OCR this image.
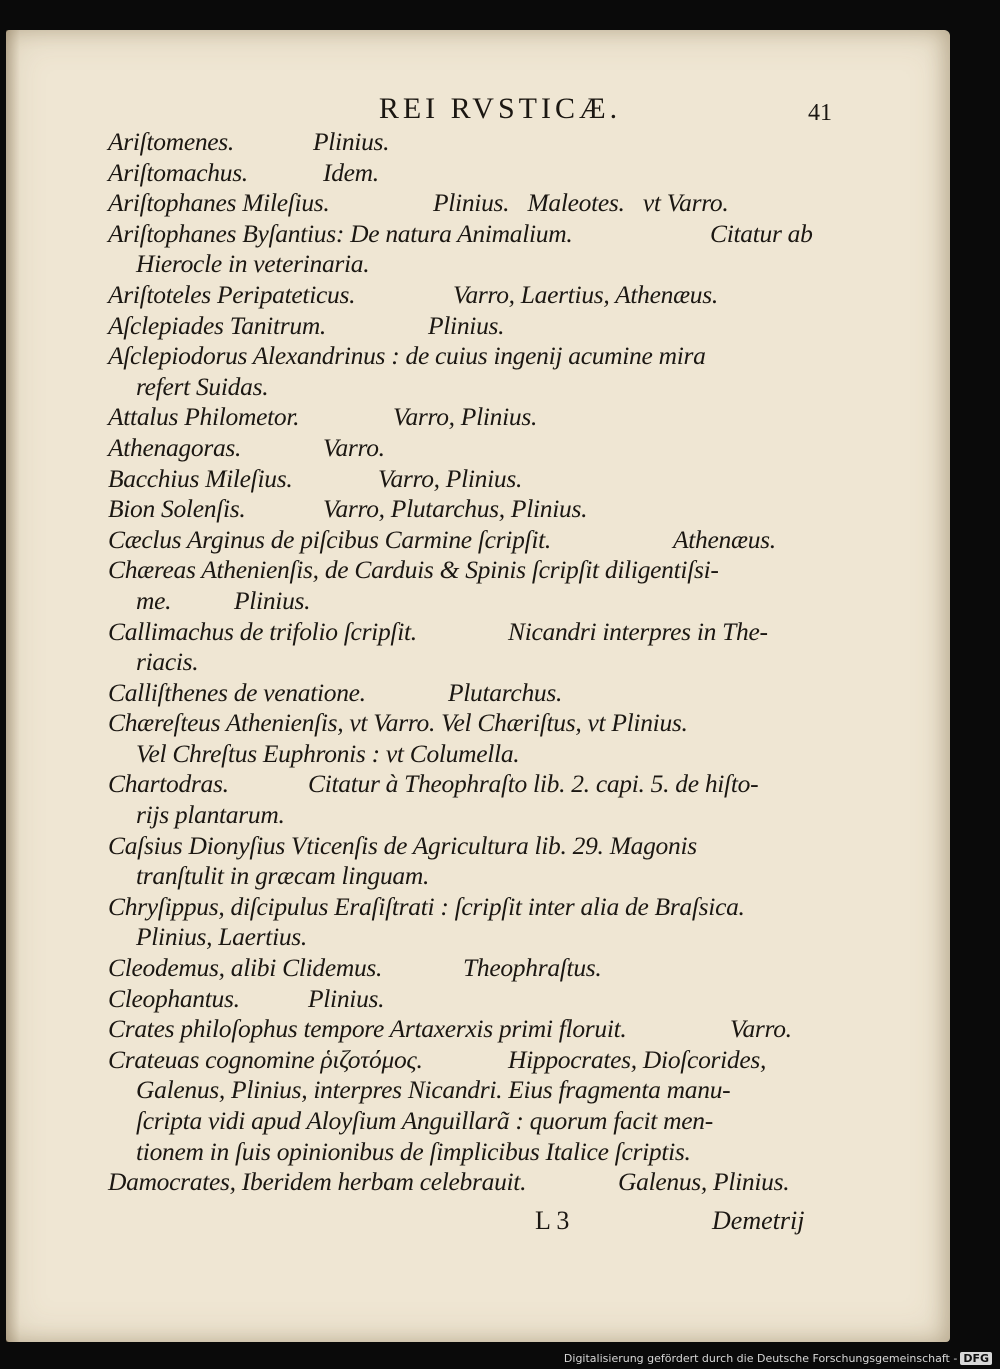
REI RVSTICÆ.	41
Ariſtomenes.	Plinius.
Ariſtomachus.	Idem.
Ariſtophanes Mileſius.	Plinius.   Maleotes.   vt Varro.
Ariſtophanes Byſantius: De natura Animalium.	Citatur ab
Hierocle in veterinaria.
Ariſtoteles Peripateticus.	Varro, Laertius, Athenæus.
Aſclepiades Tanitrum.	Plinius.
Aſclepiodorus Alexandrinus : de cuius ingenij acumine mira
refert Suidas.
Attalus Philometor.	Varro, Plinius.
Athenagoras.	Varro.
Bacchius Mileſius.	Varro, Plinius.
Bion Solenſis.	Varro, Plutarchus, Plinius.
Cæclus Arginus de piſcibus Carmine ſcripſit.	Athenæus.
Chæreas Athenienſis, de Carduis & Spinis ſcripſit diligentiſsi-
me. Plinius.
Callimachus de trifolio ſcripſit.	Nicandri interpres in The-
riacis.
Calliſthenes de venatione.	Plutarchus.
Chæreſteus Athenienſis, vt Varro. Vel Chæriſtus, vt Plinius.
Vel Chreſtus Euphronis : vt Columella.
Chartodras.	Citatur à Theophraſto lib. 2. capi. 5. de hiſto-
rijs plantarum.
Caſsius Dionyſius Vticenſis de Agricultura lib. 29. Magonis
tranſtulit in græcam linguam.
Chryſippus, diſcipulus Eraſiſtrati : ſcripſit inter alia de Braſsica.
Plinius, Laertius.
Cleodemus, alibi Clidemus.	Theophraſtus.
Cleophantus.	Plinius.
Crates philoſophus tempore Artaxerxis primi floruit.	Varro.
Crateuas cognomine ῥιζοτόμος.	Hippocrates, Dioſcorides,
Galenus, Plinius, interpres Nicandri. Eius fragmenta manu-
ſcripta vidi apud Aloyſium Anguillarã : quorum facit men-
tionem in ſuis opinionibus de ſimplicibus Italice ſcriptis.
Damocrates, Iberidem herbam celebrauit.	Galenus, Plinius.
L 3	Demetrij
Digitalisierung gefördert durch die Deutsche Forschungsgemeinschaft - DFG
